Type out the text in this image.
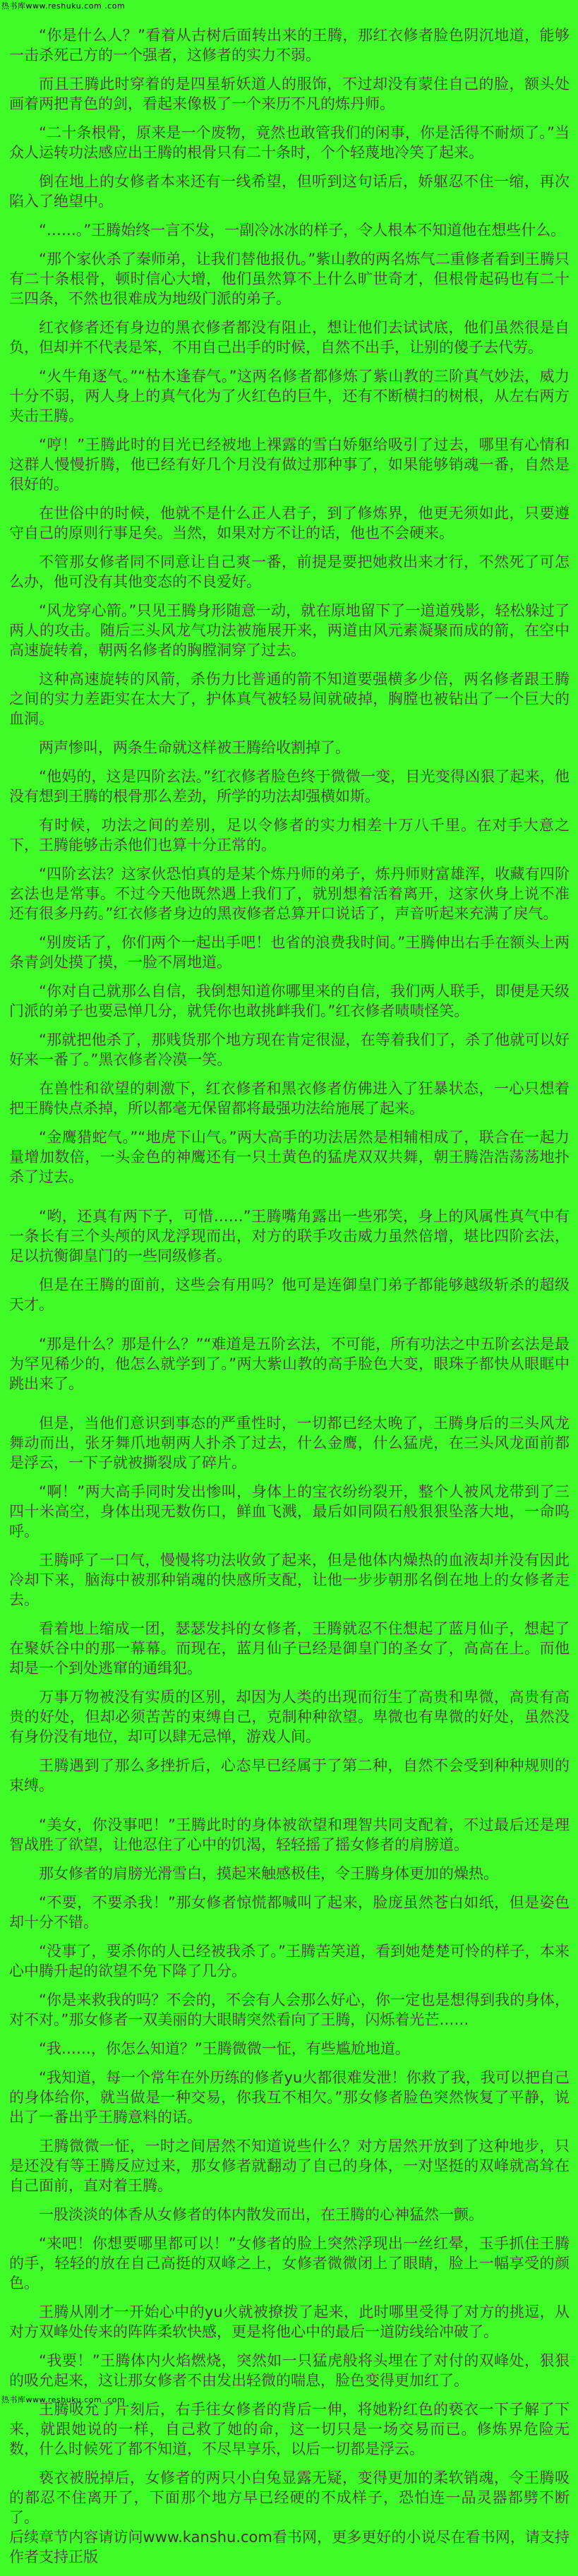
热书库www.reshuku.com .com

“你是什么人？”看着从古树后面转出来的王腾，那红衣修者脸色阴沉地道，能够一击杀死己方的一个强者，这修者的实力不弱。

而且王腾此时穿着的是四星斩妖道人的服饰，不过却没有蒙住自己的脸，额头处画着两把青色的剑，看起来像极了一个来历不凡的炼丹师。

“二十条根骨，原来是一个废物，竟然也敢管我们的闲事，你是活得不耐烦了。”当众人运转功法感应出王腾的根骨只有二十条时，个个轻蔑地冷笑了起来。

倒在地上的女修者本来还有一线希望，但听到这句话后，娇躯忍不住一缩，再次陷入了绝望中。

“……。”王腾始终一言不发，一副冷冰冰的样子，令人根本不知道他在想些什么。

“那个家伙杀了秦师弟，让我们替他报仇。”紫山教的两名炼气二重修者看到王腾只有二十条根骨，顿时信心大增，他们虽然算不上什么旷世奇才，但根骨起码也有二十三四条，不然也很难成为地级门派的弟子。

红衣修者还有身边的黑衣修者都没有阻止，想让他们去试试底，他们虽然很是自负，但却并不代表是笨，不用自己出手的时候，自然不出手，让别的傻子去代劳。

“火牛角逐气。”“枯木逢春气。”这两名修者都修炼了紫山教的三阶真气妙法，威力十分不弱，两人身上的真气化为了火红色的巨牛，还有不断横扫的树根，从左右两方夹击王腾。

“哼！”王腾此时的目光已经被地上裸露的雪白娇躯给吸引了过去，哪里有心情和这群人慢慢折腾，他已经有好几个月没有做过那种事了，如果能够销魂一番，自然是很好的。

在世俗中的时候，他就不是什么正人君子，到了修炼界，他更无须如此，只要遵守自己的原则行事足矣。当然，如果对方不让的话，他也不会硬来。

不管那女修者同不同意让自己爽一番，前提是要把她救出来才行，不然死了可怎么办，他可没有其他变态的不良爱好。

“风龙穿心箭。”只见王腾身形随意一动，就在原地留下了一道道残影，轻松躲过了两人的攻击。随后三头风龙气功法被施展开来，两道由风元素凝聚而成的箭，在空中高速旋转着，朝两名修者的胸膛洞穿了过去。

这种高速旋转的风箭，杀伤力比普通的箭不知道要强横多少倍，两名修者跟王腾之间的实力差距实在太大了，护体真气被轻易间就破掉，胸膛也被钻出了一个巨大的血洞。

两声惨叫，两条生命就这样被王腾给收割掉了。

“他妈的，这是四阶玄法。”红衣修者脸色终于微微一变，目光变得凶狠了起来，他没有想到王腾的根骨那么差劲，所学的功法却强横如斯。

有时候，功法之间的差别，足以令修者的实力相差十万八千里。在对手大意之下，王腾能够击杀他们也算十分正常的。

“四阶玄法？这家伙恐怕真的是某个炼丹师的弟子，炼丹师财富雄浑，收藏有四阶玄法也是常事。不过今天他既然遇上我们了，就别想着活着离开，这家伙身上说不准还有很多丹药。”红衣修者身边的黑夜修者总算开口说话了，声音听起来充满了戾气。

“别废话了，你们两个一起出手吧！也省的浪费我时间。”王腾伸出右手在额头上两条青剑处摸了摸，一脸不屑地道。

“你对自己就那么自信，我倒想知道你哪里来的自信，我们两人联手，即便是天级门派的弟子也要忌惮几分，就凭你也敢挑衅我们。”红衣修者啧啧怪笑。

“那就把他杀了，那贱货那个地方现在肯定很湿，在等着我们了，杀了他就可以好好来一番了。”黑衣修者冷漠一笑。

在兽性和欲望的刺激下，红衣修者和黑衣修者仿佛进入了狂暴状态，一心只想着把王腾快点杀掉，所以都毫无保留都将最强功法给施展了起来。

“金鹰猎蛇气。”“地虎下山气。”两大高手的功法居然是相辅相成了，联合在一起力量增加数倍，一头金色的神鹰还有一只土黄色的猛虎双双共舞，朝王腾浩浩荡荡地扑杀了过去。

“哟，还真有两下子，可惜……”王腾嘴角露出一些邪笑，身上的风属性真气中有一条长有三个头颅的风龙浮现而出，对方的联手攻击威力虽然倍增，堪比四阶玄法，足以抗衡御皇门的一些同级修者。

但是在王腾的面前，这些会有用吗？他可是连御皇门弟子都能够越级斩杀的超级天才。

“那是什么？那是什么？”“难道是五阶玄法，不可能，所有功法之中五阶玄法是最为罕见稀少的，他怎么就学到了。”两大紫山教的高手脸色大变，眼珠子都快从眼眶中跳出来了。

但是，当他们意识到事态的严重性时，一切都已经太晚了，王腾身后的三头风龙舞动而出，张牙舞爪地朝两人扑杀了过去，什么金鹰，什么猛虎，在三头风龙面前都是浮云，一下子就被撕裂成了碎片。

“啊！”两大高手同时发出惨叫，身体上的宝衣纷纷裂开，整个人被风龙带到了三四十米高空，身体出现无数伤口，鲜血飞溅，最后如同陨石般狠狠坠落大地，一命呜呼。

王腾呼了一口气，慢慢将功法收敛了起来，但是他体内燥热的血液却并没有因此冷却下来，脑海中被那种销魂的快感所支配，让他一步步朝那名倒在地上的女修者走去。

看着地上缩成一团，瑟瑟发抖的女修者，王腾就忍不住想起了蓝月仙子，想起了在聚妖谷中的那一幕幕。而现在，蓝月仙子已经是御皇门的圣女了，高高在上。而他却是一个到处逃窜的通缉犯。

万事万物被没有实质的区别，却因为人类的出现而衍生了高贵和卑微，高贵有高贵的好处，但却必须苦苦的束缚自己，克制种种欲望。卑微也有卑微的好处，虽然没有身份没有地位，却可以肆无忌惮，游戏人间。

王腾遇到了那么多挫折后，心态早已经属于了第二种，自然不会受到种种规则的束缚。

“美女，你没事吧！”王腾此时的身体被欲望和理智共同支配着，不过最后还是理智战胜了欲望，让他忍住了心中的饥渴，轻轻摇了摇女修者的肩膀道。

那女修者的肩膀光滑雪白，摸起来触感极佳，令王腾身体更加的燥热。

“不要，不要杀我！”那女修者惊慌都喊叫了起来，脸庞虽然苍白如纸，但是姿色却十分不错。

“没事了，要杀你的人已经被我杀了。”王腾苦笑道，看到她楚楚可怜的样子，本来心中腾升起的欲望不免下降了几分。

“你是来救我的吗？不会的，不会有人会那么好心，你一定也是想得到我的身体，对不对。”那女修者一双美丽的大眼睛突然看向了王腾，闪烁着光芒……

“我……，你怎么知道？”王腾微微一怔，有些尴尬地道。

“我知道，每一个常年在外历练的修者yu火都很难发泄！你救了我，我可以把自己的身体给你，就当做是一种交易，你我互不相欠。”那女修者脸色突然恢复了平静，说出了一番出乎王腾意料的话。

王腾微微一怔，一时之间居然不知道说些什么？对方居然开放到了这种地步，只是还没有等王腾反应过来，那女修者就翻动了自己的身体，一对坚挺的双峰就高耸在自己面前，直对着王腾。

一股淡淡的体香从女修者的体内散发而出，在王腾的心神猛然一颤。

“来吧！你想要哪里都可以！”女修者的脸上突然浮现出一丝红晕，玉手抓住王腾的手，轻轻的放在自己高挺的双峰之上，女修者微微闭上了眼睛，脸上一幅享受的颜色。

王腾从刚才一开始心中的yu火就被撩拨了起来，此时哪里受得了对方的挑逗，从对方双峰处传来的阵阵柔软快感，更是将他心中的最后一道防线给冲破了。

“我要！”王腾体内火焰燃烧，突然如一只猛虎般将头埋在了对付的双峰处，狠狠的吸允起来，这让那女修者不由发出轻微的喘息，脸色变得更加红了。

王腾吸允了片刻后，右手往女修者的背后一伸，将她粉红色的亵衣一下子解了下来，就跟她说的一样，自己救了她的命，这一切只是一场交易而已。修炼界危险无数，什么时候死了都不知道，不尽早享乐，以后一切都是浮云。

亵衣被脱掉后，女修者的两只小白兔显露无疑，变得更加的柔软销魂，令王腾吸的都忍不住离开了，下面那个地方早已经硬的不成样子，恐怕连一品灵器都劈不断了。

后续章节内容请访问www.kanshu.com看书网，更多更好的小说尽在看书网，请支持作者支持正版

热书库www.reshuku.com .com
